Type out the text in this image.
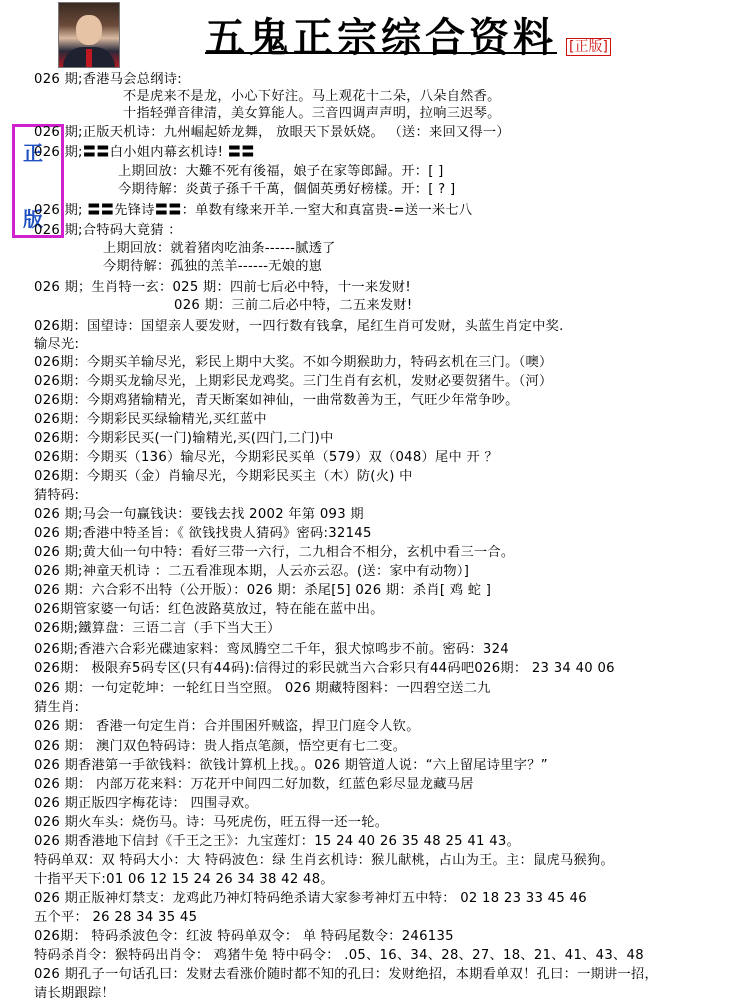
五鬼正宗综合资料 [正版]
正
版
026 期;香港马会总纲诗:
不是虎来不是龙，小心下好注。马上观花十二朵，八朵自然香。
十指轻弹音律清，美女算能人。三音四调声声明，拉响三迟琴。
026 期;正版天机诗：九州崛起娇龙舞， 放眼天下景妖娆。 （送：来回又得一）
026 期;〓〓白小姐内幕玄机诗! 〓〓
上期回放：大難不死有後福，娘子在家等郎歸。开：[ ]
今期待解：炎黃子孫千千萬，個個英勇好榜樣。开：[ ? ]
026 期; 〓〓先锋诗〓〓：单数有缘来开羊.一窒大和真富贵-=送一米七八
026 期;合特码大竟猜 ：
上期回放：就着猪肉吃油条------腻透了
今期待解：孤独的羔羊------无娘的崽
026 期；生肖特一玄：025 期：四前七后必中特，十一来发财!
026 期：三前二后必中特，二五来发财!
026期：国望诗：国望亲人要发财，一四行数有钱拿，尾红生肖可发财，头蓝生肖定中奖.
输尽光:
026期：今期买羊输尽光，彩民上期中大奖。不如今期猴助力，特码玄机在三门。（噢）
026期：今期买龙输尽光，上期彩民龙鸡奖。三门生肖有玄机，发财必要贺猪牛。（河）
026期：今期鸡猪输精光，青天断案如神仙，一曲常数善为王，气旺少年常争吵。
026期：今期彩民买绿输精光,买红蓝中
026期：今期彩民买(一门)输精光,买(四门,二门)中
026期：今期买（136）输尽光，今期彩民买单（579）双（048）尾中 开 ？
026期：今期买（金）肖输尽光，今期彩民买主（木）防(火) 中
猜特码:
026 期;马会一句赢钱诀：要钱去找 2002 年第 093 期
026 期;香港中特圣旨：《 欲钱找贵人猜码》密码:32145
026 期;黄大仙一句中特：看好三带一六行，二九相合不相分，玄机中看三一合。
026 期;神童天机诗 ：二五看准现本期，人云亦云忍。(送：家中有动物）]
026 期：六合彩不出特（公开版）：026 期：杀尾[5] 026 期：杀肖[ 鸡 蛇 ]
026期管家婆一句话：红色波路莫放过，特在能在蓝中出。
026期;鐵算盘：三语二言（手下当大王）
026期;香港六合彩光碟迪家料：鸾凤腾空二千年，狠犬惊鸣步不前。密码：324
026期： 极限弃5码专区(只有44码):信得过的彩民就当六合彩只有44码吧026期： 23 34 40 06
026 期：一句定乾坤：一轮红日当空照。 026 期藏特图料：一四碧空送二九
猜生肖:
026 期： 香港一句定生肖：合并围困歼贼盗，捍卫门庭令人钦。
026 期： 澳门双色特码诗：贵人指点笔颜，悟空更有七二变。
026 期香港第一手欲钱料：欲钱计算机上找。。026 期管道人说：“六上留尾诗里字？”
026 期： 内部万花来料：万花开中间四二好加数，红蓝色彩尽显龙藏马居
026 期正版四字梅花诗： 四围寻欢。
026 期火车头：烧伤马。诗：马死虎伤，旺五得一还一轮。
026 期香港地下信封《千王之王》：九宝莲灯：15 24 40 26 35 48 25 41 43。
特码单双：双 特码大小：大 特码波色：绿 生肖玄机诗：猴儿献桃，占山为王。主：鼠虎马猴狗。
十指平天下:01 06 12 15 24 26 34 38 42 48。
026 期正版神灯禁支：龙鸡此乃神灯特码绝杀请大家参考神灯五中特： 02 18 23 33 45 46
五个平： 26 28 34 35 45
026期： 特码杀波色令：红波 特码单双令： 单 特码尾数令：246135
特码杀肖令：猴特码出肖令： 鸡猪牛兔 特中码令： .05、16、34、28、27、18、21、41、43、48
026 期孔子一句话孔曰：发财去看涨价随时都不知的孔曰：发财绝招，本期看单双！孔曰：一期讲一招，
请长期跟踪！
